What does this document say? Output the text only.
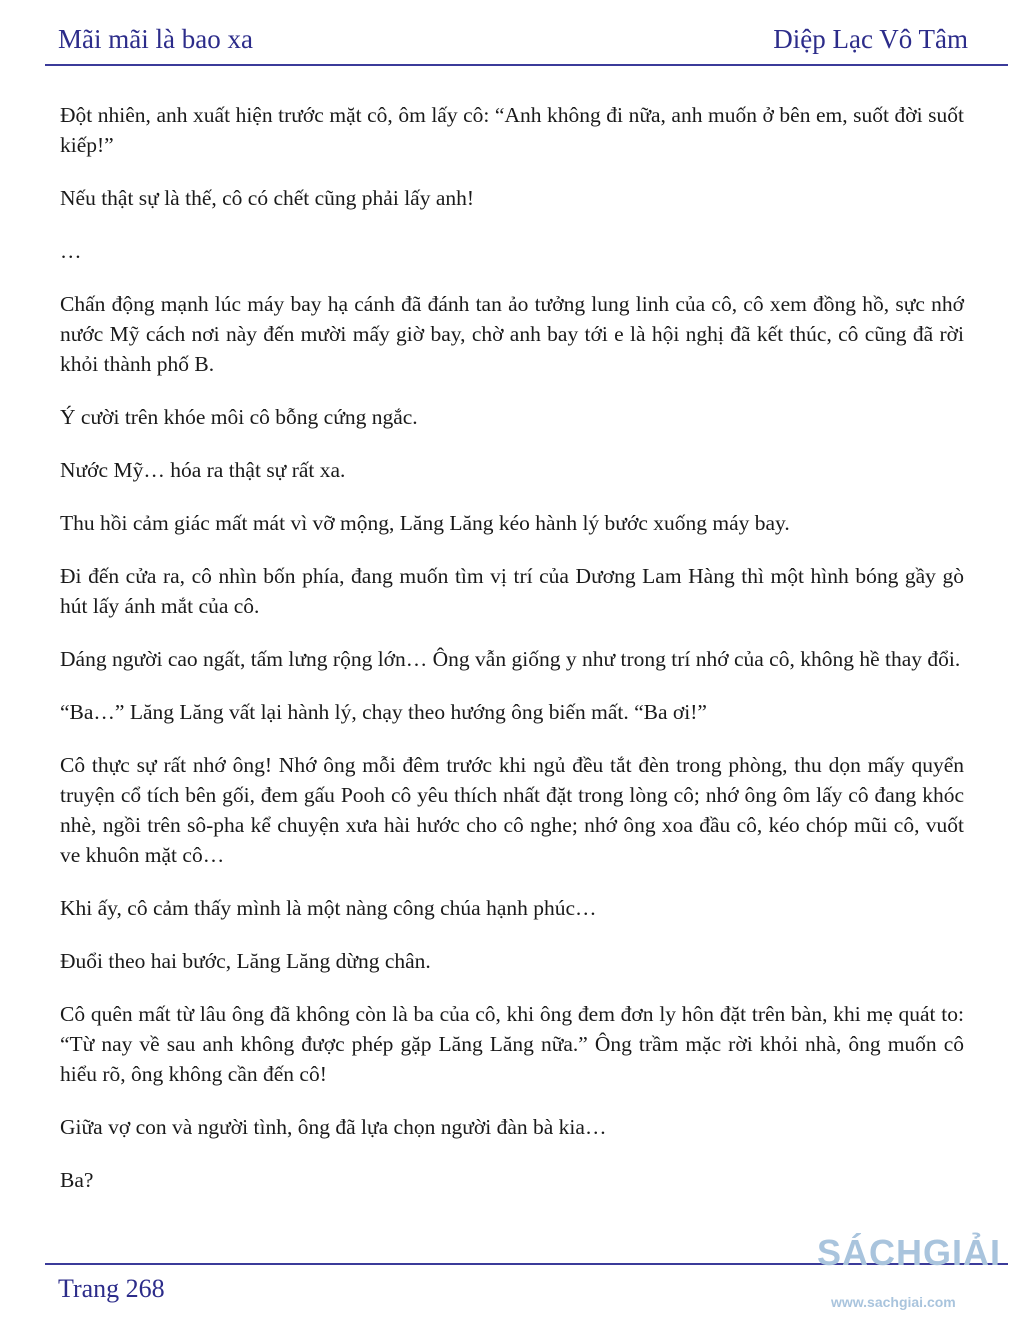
Mãi mãi là bao xa	Diệp Lạc Vô Tâm

Đột nhiên, anh xuất hiện trước mặt cô, ôm lấy cô: “Anh không đi nữa, anh muốn ở bên em, suốt đời suốt kiếp!”

Nếu thật sự là thế, cô có chết cũng phải lấy anh!

…

Chấn động mạnh lúc máy bay hạ cánh đã đánh tan ảo tưởng lung linh của cô, cô xem đồng hồ, sực nhớ nước Mỹ cách nơi này đến mười mấy giờ bay, chờ anh bay tới e là hội nghị đã kết thúc, cô cũng đã rời khỏi thành phố B.

Ý cười trên khóe môi cô bỗng cứng ngắc.

Nước Mỹ… hóa ra thật sự rất xa.

Thu hồi cảm giác mất mát vì vỡ mộng, Lăng Lăng kéo hành lý bước xuống máy bay.

Đi đến cửa ra, cô nhìn bốn phía, đang muốn tìm vị trí của Dương Lam Hàng thì một hình bóng gầy gò hút lấy ánh mắt của cô.

Dáng người cao ngất, tấm lưng rộng lớn… Ông vẫn giống y như trong trí nhớ của cô, không hề thay đổi.

“Ba…” Lăng Lăng vất lại hành lý, chạy theo hướng ông biến mất. “Ba ơi!”

Cô thực sự rất nhớ ông! Nhớ ông mỗi đêm trước khi ngủ đều tắt đèn trong phòng, thu dọn mấy quyển truyện cổ tích bên gối, đem gấu Pooh cô yêu thích nhất đặt trong lòng cô; nhớ ông ôm lấy cô đang khóc nhè, ngồi trên sô-pha kể chuyện xưa hài hước cho cô nghe; nhớ ông xoa đầu cô, kéo chóp mũi cô, vuốt ve khuôn mặt cô…

Khi ấy, cô cảm thấy mình là một nàng công chúa hạnh phúc…

Đuổi theo hai bước, Lăng Lăng dừng chân.

Cô quên mất từ lâu ông đã không còn là ba của cô, khi ông đem đơn ly hôn đặt trên bàn, khi mẹ quát to: “Từ nay về sau anh không được phép gặp Lăng Lăng nữa.” Ông trầm mặc rời khỏi nhà, ông muốn cô hiểu rõ, ông không cần đến cô!

Giữa vợ con và người tình, ông đã lựa chọn người đàn bà kia…

Ba?

Trang 268
SÁCHGIẢI
www.sachgiai.com
